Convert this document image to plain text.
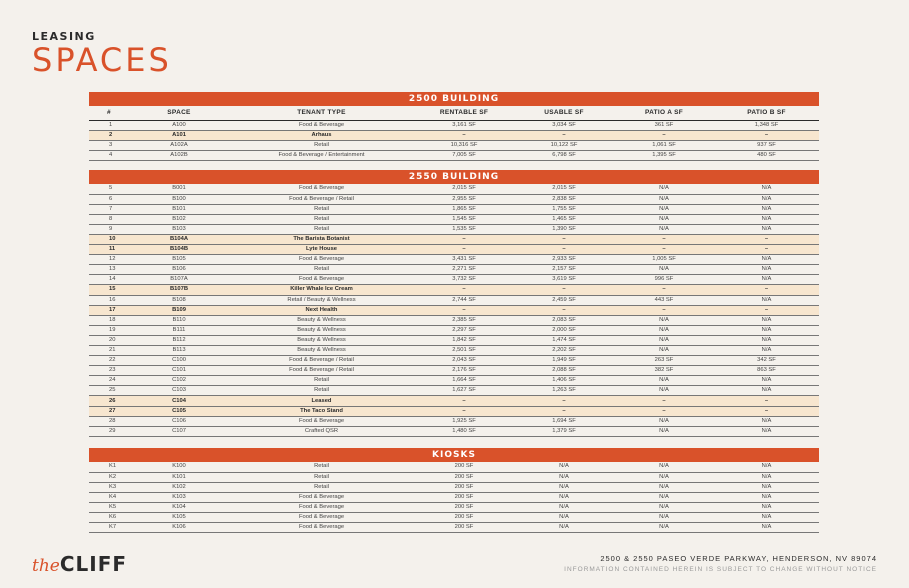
LEASING
SPACES
2500 BUILDING
#	SPACE	TENANT TYPE	RENTABLE SF	USABLE SF	PATIO A SF	PATIO B SF
1	A100	Food & Beverage	3,161 SF	3,034 SF	361 SF	1,348 SF
2	A101	Arhaus	–	–	–	–
3	A102A	Retail	10,316 SF	10,122 SF	1,061 SF	937 SF
4	A102B	Food & Beverage / Entertainment	7,005 SF	6,798 SF	1,395 SF	480 SF
2550 BUILDING
5	B001	Food & Beverage	2,015 SF	2,015 SF	N/A	N/A
6	B100	Food & Beverage / Retail	2,955 SF	2,838 SF	N/A	N/A
7	B101	Retail	1,865 SF	1,755 SF	N/A	N/A
8	B102	Retail	1,545 SF	1,465 SF	N/A	N/A
9	B103	Retail	1,535 SF	1,390 SF	N/A	N/A
10	B104A	The Barista Botanist	–	–	–	–
11	B104B	Lyte House	–	–	–	–
12	B105	Food & Beverage	3,431 SF	2,933 SF	1,005 SF	N/A
13	B106	Retail	2,271 SF	2,157 SF	N/A	N/A
14	B107A	Food & Beverage	3,732 SF	3,619 SF	996 SF	N/A
15	B107B	Killer Whale Ice Cream	–	–	–	–
16	B108	Retail / Beauty & Wellness	2,744 SF	2,459 SF	443 SF	N/A
17	B109	Next Health	–	–	–	–
18	B110	Beauty & Wellness	2,385 SF	2,083 SF	N/A	N/A
19	B111	Beauty & Wellness	2,297 SF	2,000 SF	N/A	N/A
20	B112	Beauty & Wellness	1,842 SF	1,474 SF	N/A	N/A
21	B113	Beauty & Wellness	2,501 SF	2,202 SF	N/A	N/A
22	C100	Food & Beverage / Retail	2,043 SF	1,949 SF	263 SF	342 SF
23	C101	Food & Beverage / Retail	2,176 SF	2,088 SF	382 SF	863 SF
24	C102	Retail	1,664 SF	1,406 SF	N/A	N/A
25	C103	Retail	1,627 SF	1,263 SF	N/A	N/A
26	C104	Leased	–	–	–	–
27	C105	The Taco Stand	–	–	–	–
28	C106	Food & Beverage	1,925 SF	1,694 SF	N/A	N/A
29	C107	Crafted QSR	1,480 SF	1,379 SF	N/A	N/A
KIOSKS
K1	K100	Retail	200 SF	N/A	N/A	N/A
K2	K101	Retail	200 SF	N/A	N/A	N/A
K3	K102	Retail	200 SF	N/A	N/A	N/A
K4	K103	Food & Beverage	200 SF	N/A	N/A	N/A
K5	K104	Food & Beverage	200 SF	N/A	N/A	N/A
K6	K105	Food & Beverage	200 SF	N/A	N/A	N/A
K7	K106	Food & Beverage	200 SF	N/A	N/A	N/A
theCLIFF	2500 & 2550 PASEO VERDE PARKWAY, HENDERSON, NV 89074
INFORMATION CONTAINED HEREIN IS SUBJECT TO CHANGE WITHOUT NOTICE
